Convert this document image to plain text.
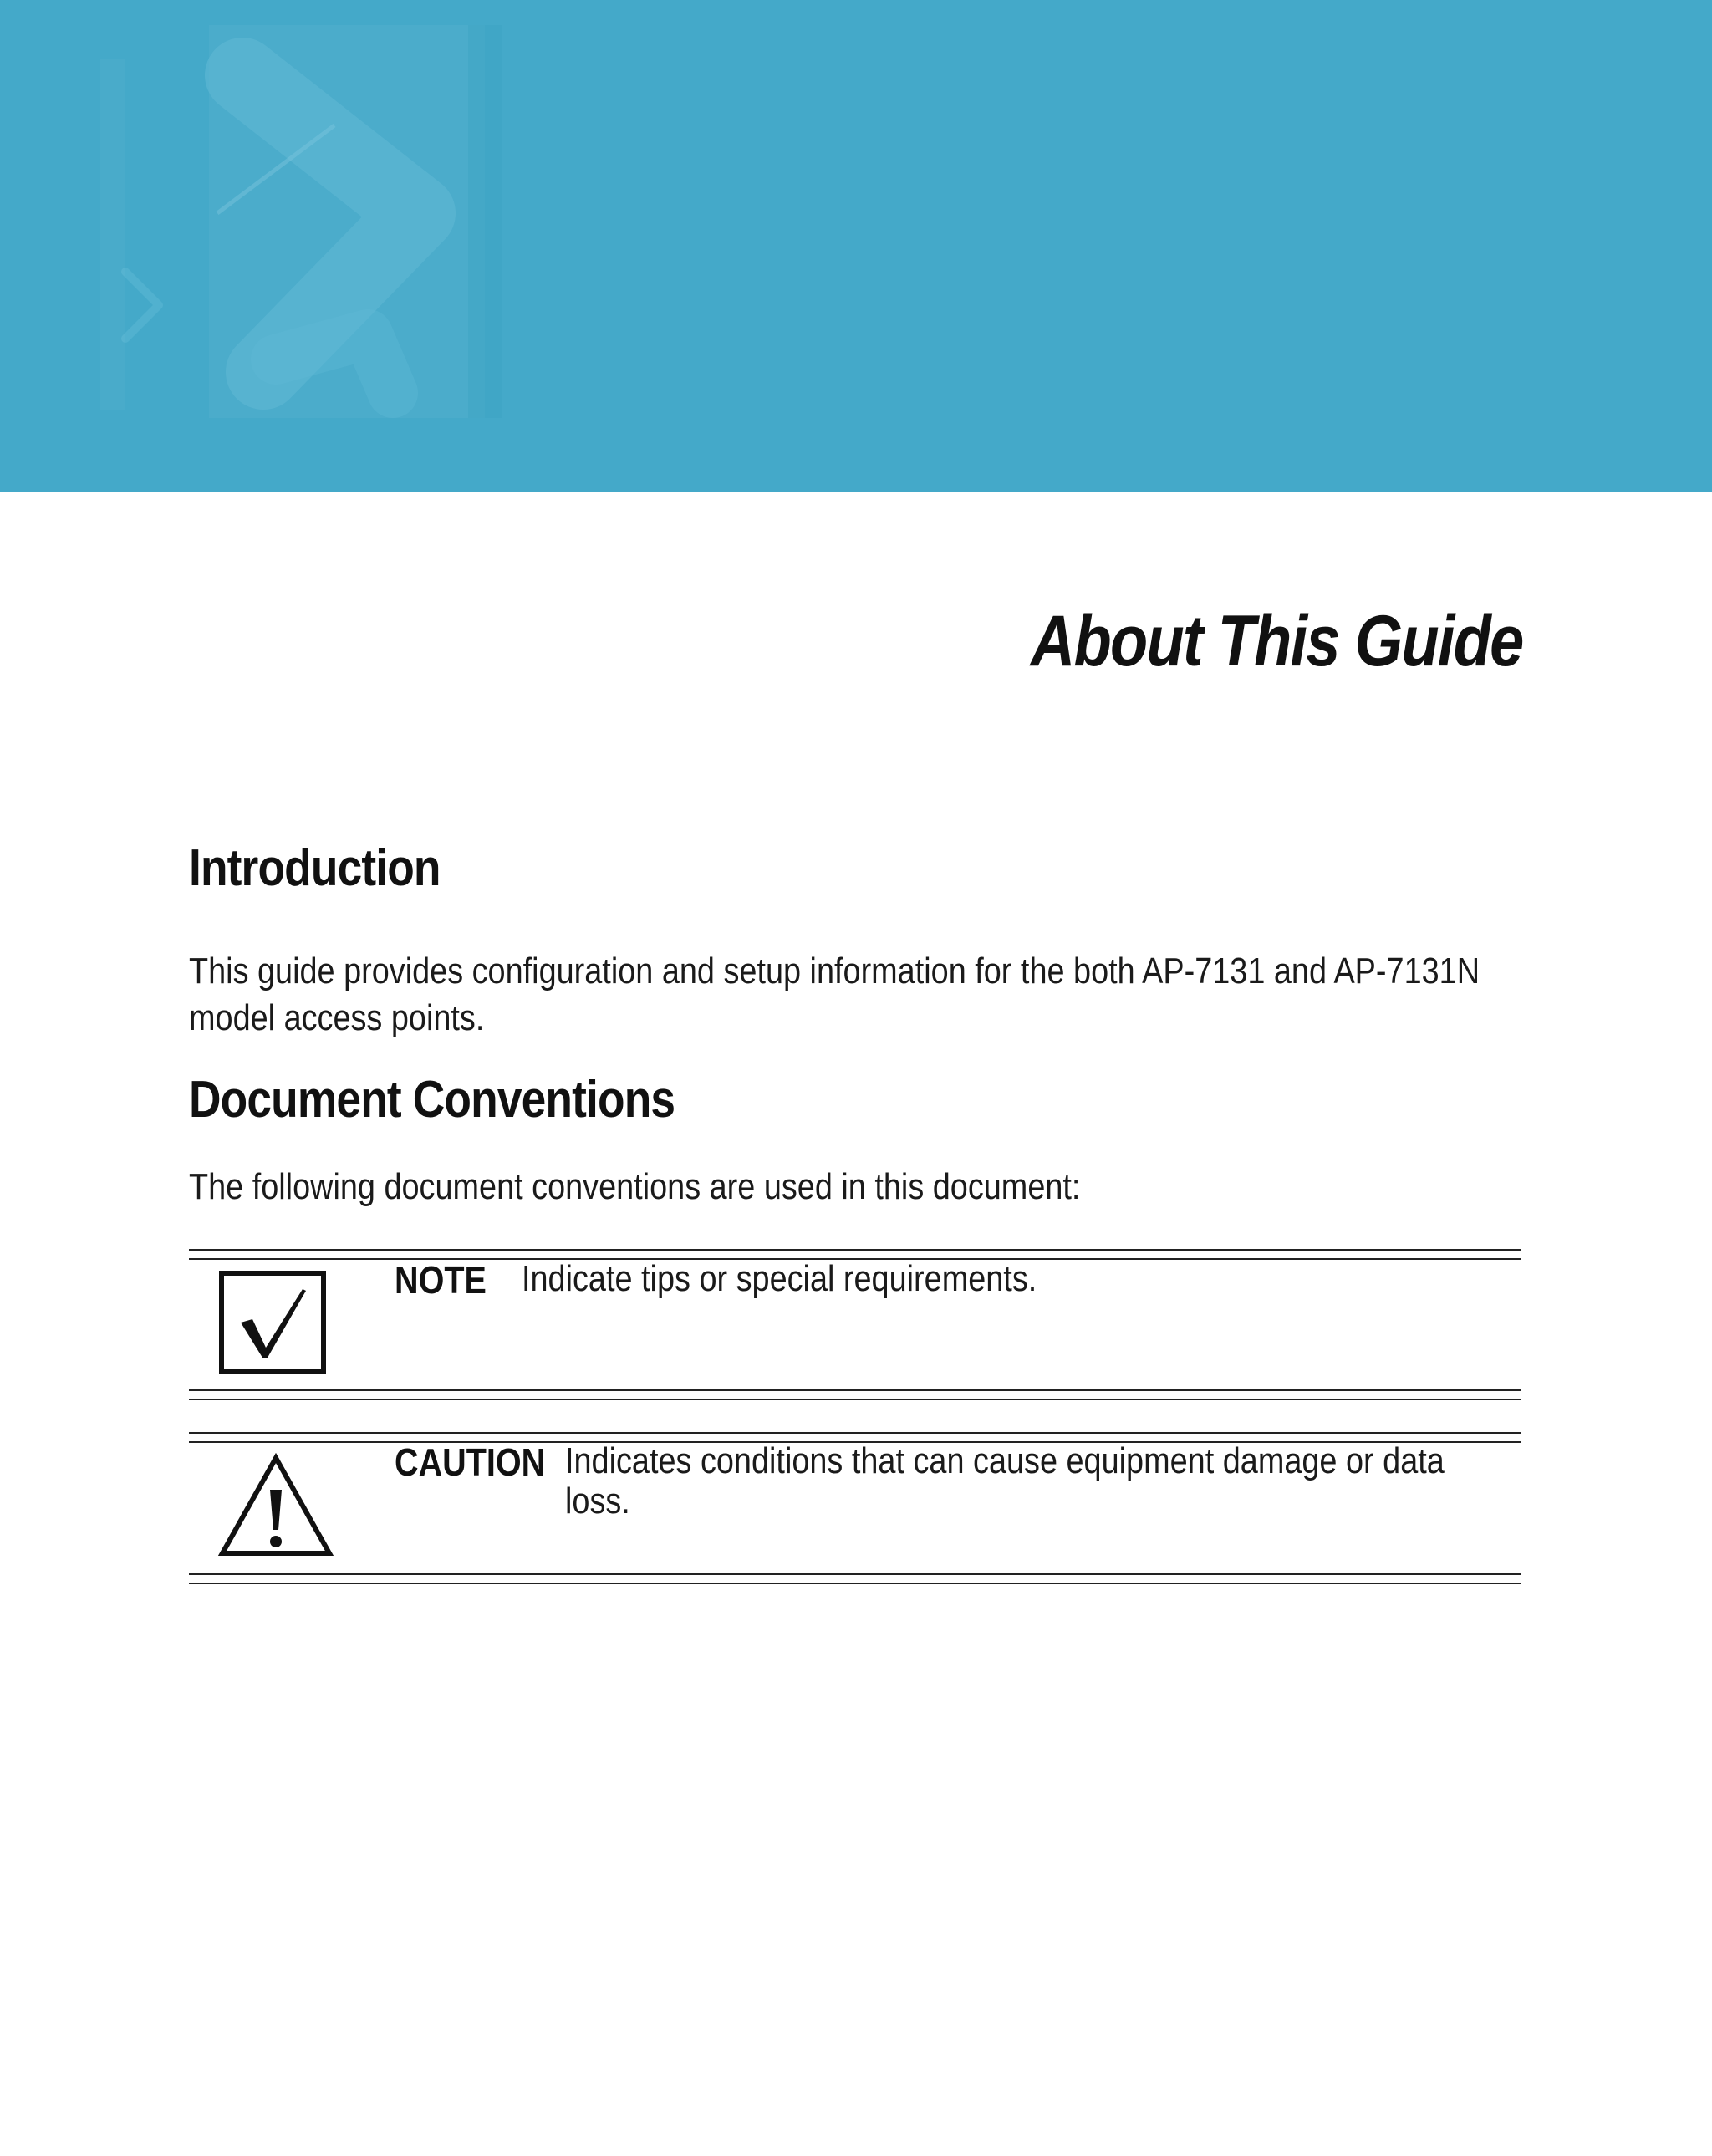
About This Guide
Introduction

This guide provides configuration and setup information for the both AP-7131 and AP-7131N

model access points.

Document Conventions

The following document conventions are used in this document:

NOTE Indicate tips or special requirements.
CAUTION Indicates conditions that can cause equipment damage or data
loss.
